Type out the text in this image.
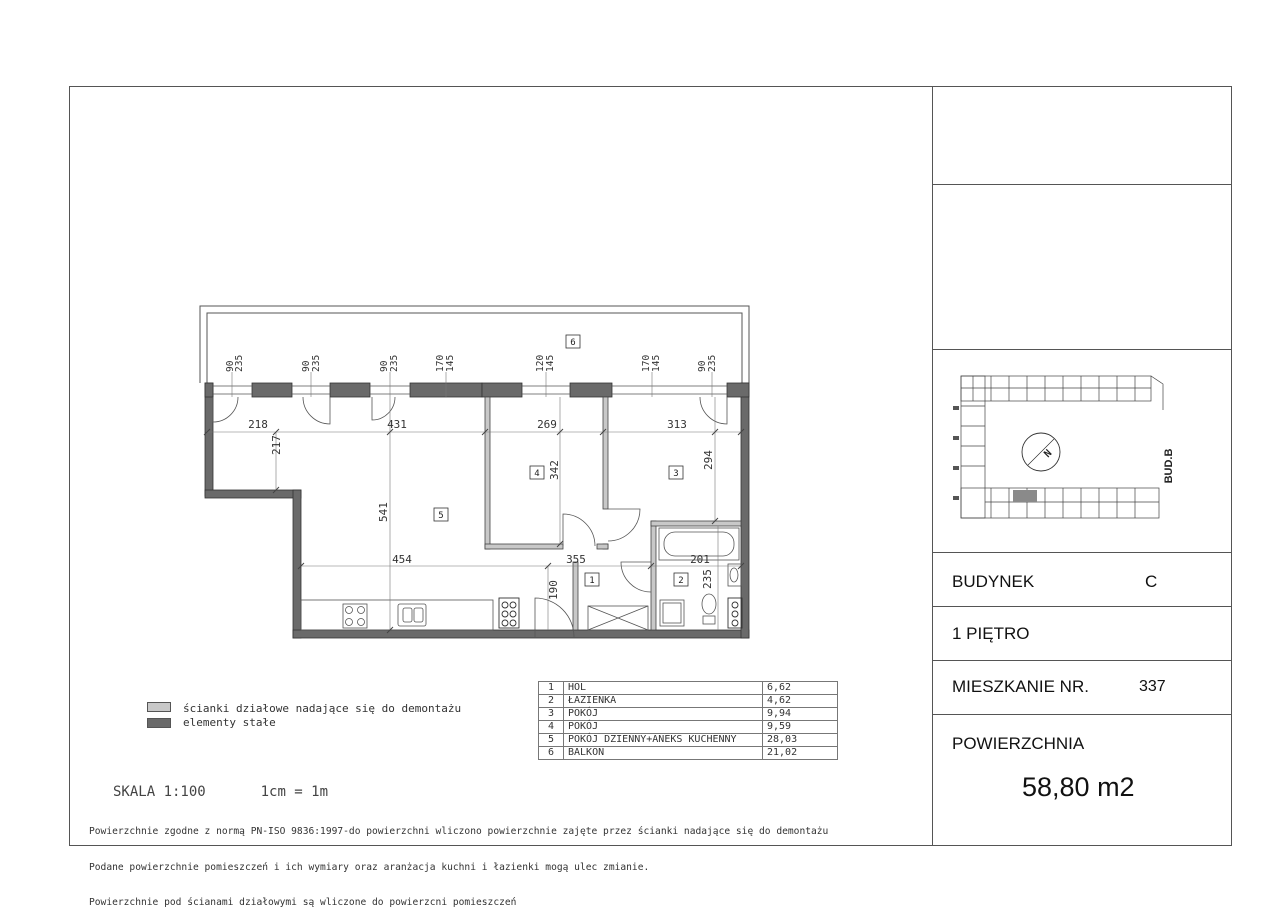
6
218	431	269	313
454	355	201
217
541
342
294
190
235
90
235	90 235	90 235	170 145	120 145	170 145	90 235
1	2
3
4
5
ścianki działowe nadające się do demontażu
elementy stałe
1	HOL	6,62
2	ŁAZIENKA	4,62
3	POKÓJ	9,94
4	POKÓJ	9,59
5	POKÓJ DZIENNY+ANEKS KUCHENNY	28,03
6	BALKON	21,02
SKALA 1:100	1cm = 1m

Powierzchnie zgodne z normą PN-ISO 9836:1997-do powierzchni wliczono powierzchnie zajęte przez ścianki nadające się do demontażu

Podane powierzchnie pomieszczeń i ich wymiary oraz aranżacja kuchni i łazienki mogą ulec zmianie.

Powierzchnie pod ścianami działowymi są wliczone do powierzcni pomieszczeń

N	BUD.B
BUDYNEK	C
1 PIĘTRO
MIESZKANIE NR.	337
POWIERZCHNIA
58,80 m2
